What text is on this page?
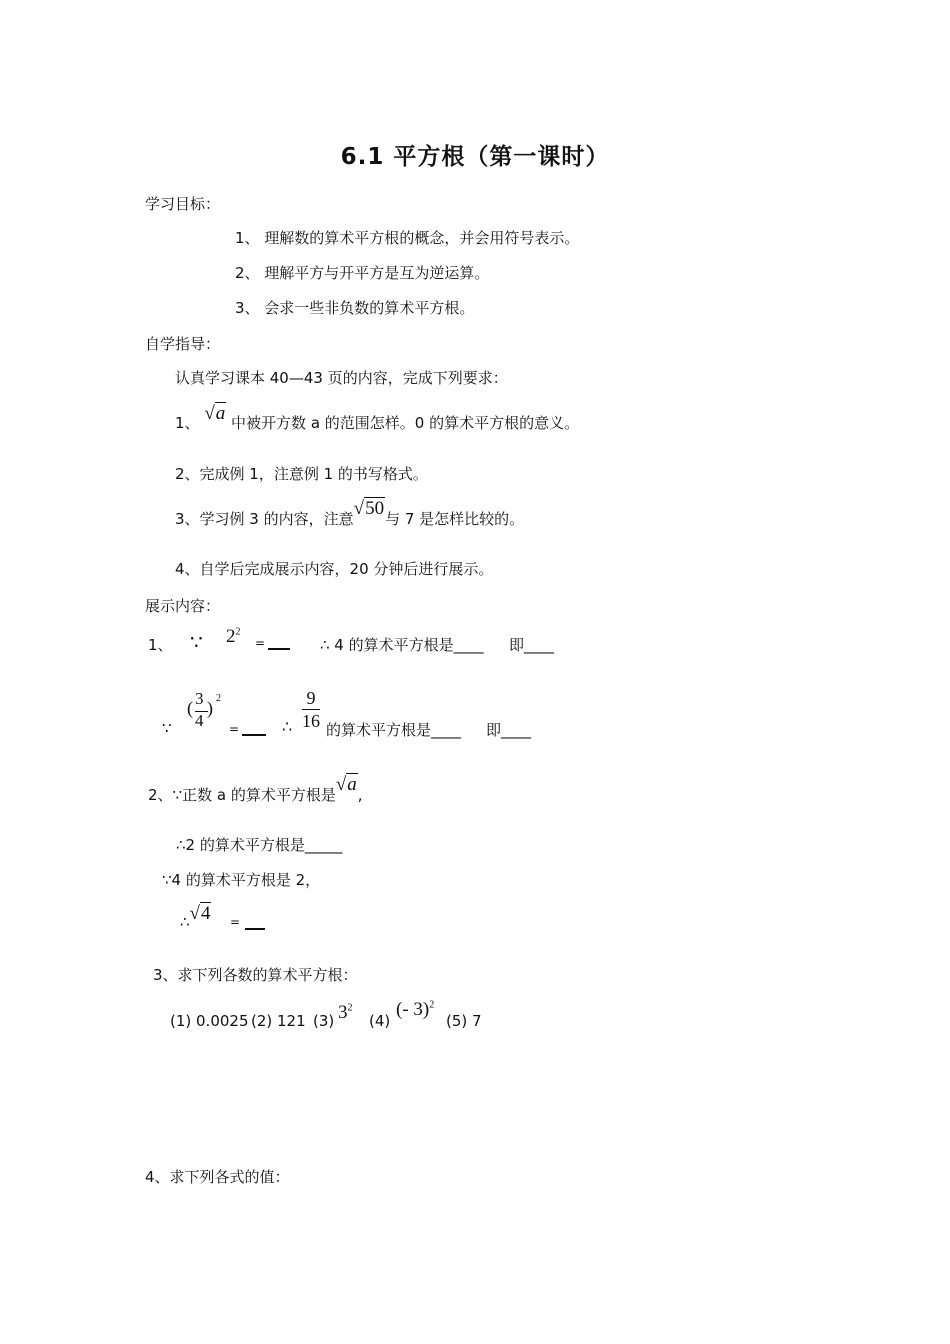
6.1 平方根（第一课时）
学习目标：
1、 理解数的算术平方根的概念，并会用符号表示。
2、 理解平方与开平方是互为逆运算。
3、 会求一些非负数的算术平方根。
自学指导：
认真学习课本 40—43 页的内容，完成下列要求：
1、 √a 中被开方数 a 的范围怎样。0 的算术平方根的意义。
2、完成例 1，注意例 1 的书写格式。
3、学习例 3 的内容，注意√50与 7 是怎样比较的。
4、自学后完成展示内容，20 分钟后进行展示。
展示内容：
1、 ∵ $2^2$
=	∴ 4 的算术平方根是____ 即____
∵
( 3
4
) 2
=	∴ $\frac{9}{16}$ 的算术平方根是____ 即____
2、∵正数 a 的算术平方根是√a,
∴2 的算术平方根是_____
∵4 的算术平方根是 2，
∴√4 =
3、求下列各数的算术平方根：
(1) 0.0025 (2) 121 (3) $3^2$
(4)
(- 3)$^2$
(5) 7
4、求下列各式的值：
